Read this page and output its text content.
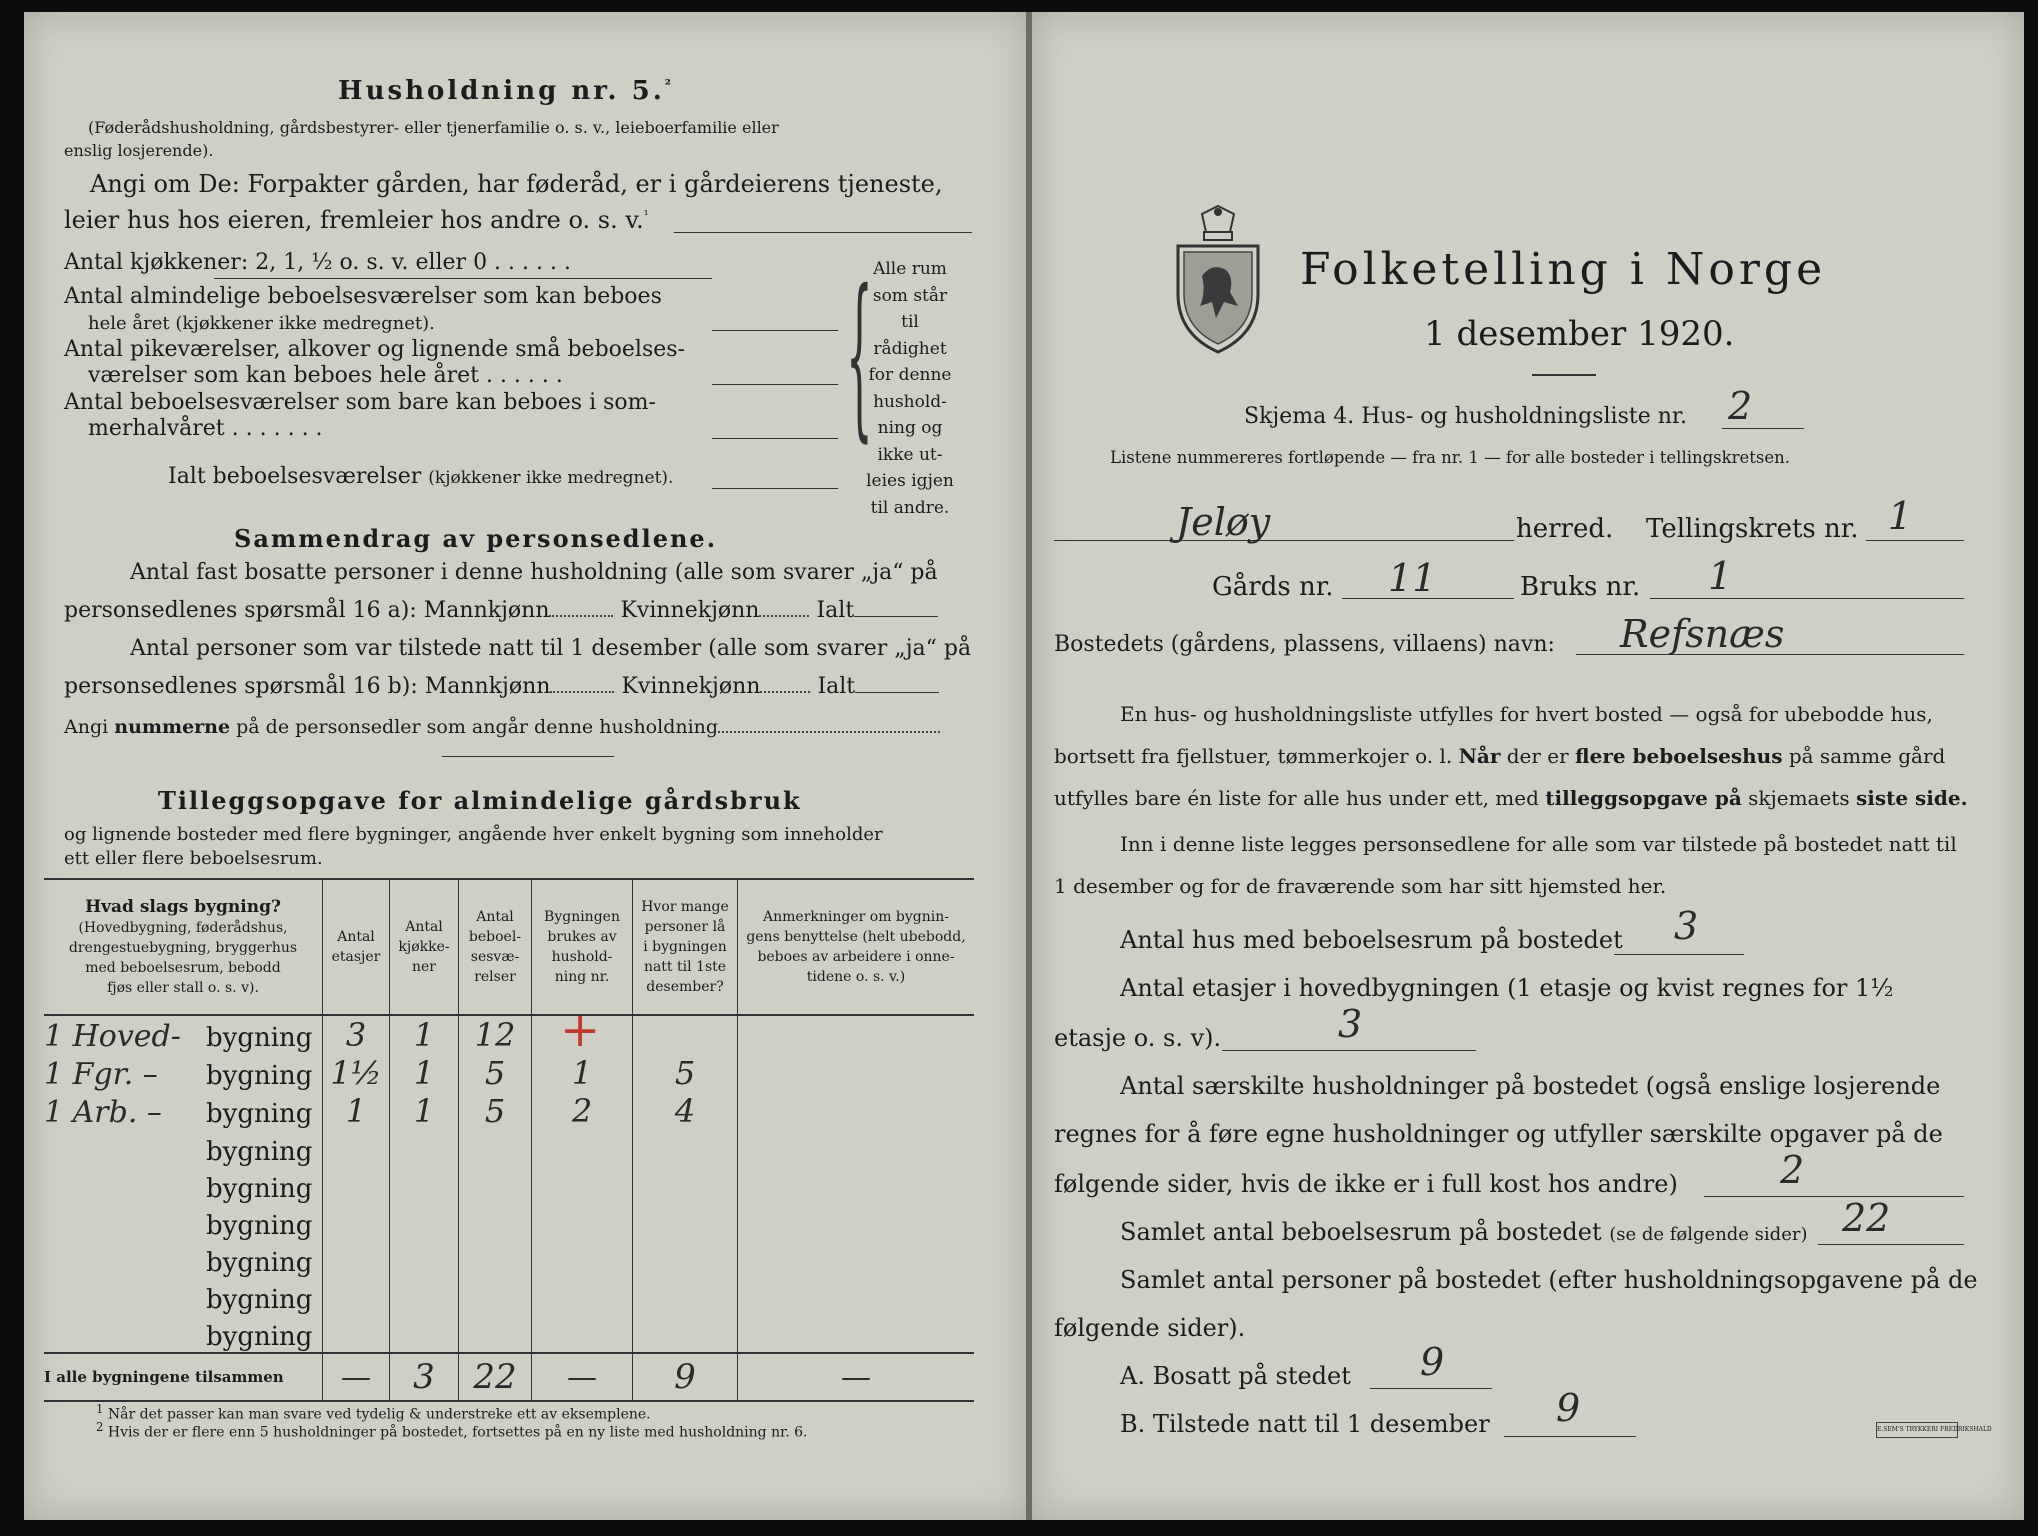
Husholdning nr. 5.$^{^2}$
(Føderådshusholdning, gårdsbestyrer- eller tjenerfamilie o. s. v., leieboerfamilie eller
enslig losjerende).
Angi om De: Forpakter gården, har føderåd, er i gårdeierens tjeneste,
leier hus hos eieren, fremleier hos andre o. s. v.$^{^1}$
Antal kjøkkener: 2, 1, ½ o. s. v. eller 0 . . . . . .
Antal almindelige beboelsesværelser som kan beboes
hele året (kjøkkener ikke medregnet).
Antal pikeværelser, alkover og lignende små beboelses-
værelser som kan beboes hele året . . . . . .
Antal beboelsesværelser som bare kan beboes i som-
merhalvåret . . . . . . .
Ialt beboelsesværelser (kjøkkener ikke medregnet).
{ Alle rum
som står til
rådighet
for denne
hushold-
ning og
ikke ut-
leies igjen
til andre.
Sammendrag av personsedlene.
Antal fast bosatte personer i denne husholdning (alle som svarer „ja“ på
personsedlenes spørsmål 16 a): Mannkjønn	Kvinnekjønn	Ialt
Antal personer som var tilstede natt til 1 desember (alle som svarer „ja“ på
personsedlenes spørsmål 16 b): Mannkjønn	Kvinnekjønn	Ialt
Angi nummerne på de personsedler som angår denne husholdning
Tilleggsopgave for almindelige gårdsbruk
og lignende bosteder med flere bygninger, angående hver enkelt bygning som inneholder
ett eller flere beboelsesrum.
Hvad slags bygning?
(Hovedbygning, føderådshus,
drengestuebygning, bryggerhus
med beboelsesrum, bebodd
fjøs eller stall o. s. v).	Antal
etasjer	Antal
kjøkke-
ner	Antal
beboel-
sesvæ-
relser	Bygningen
brukes av
hushold-
ning nr.	Hvor mange
personer lå
i bygningen
natt til 1ste
desember?	Anmerkninger om bygnin-
gens benyttelse (helt ubebodd,
beboes av arbeidere i onne-
tidene o. s. v.)
1 Hoved- bygning	3	1	12	+		

1 Fgr. – bygning	1½	1	5	1	5	
1 Arb. – bygning	1	1	5	2	4	
bygning						
bygning						
bygning						
bygning						
bygning						
bygning						
I alle bygningene tilsammen	—	3	22	—	9	—
$^1$ Når det passer kan man svare ved tydelig & understreke ett av eksemplene.
$^2$ Hvis der er flere enn 5 husholdninger på bostedet, fortsettes på en ny liste med husholdning nr. 6.
Folketelling i Norge
1 desember 1920.
Skjema 4. Hus- og husholdningsliste nr. 2
Listene nummereres fortløpende — fra nr. 1 — for alle bosteder i tellingskretsen.
Jeløy	herred. Tellingskrets nr. 1
Gårds nr. 11	Bruks nr. 1
Bostedets (gårdens, plassens, villaens) navn: Refsnæs
En hus- og husholdningsliste utfylles for hvert bosted — også for ubebodde hus,
bortsett fra fjellstuer, tømmerkojer o. l. Når der er flere beboelseshus på samme gård
utfylles bare én liste for alle hus under ett, med tilleggsopgave på skjemaets siste side.
Inn i denne liste legges personsedlene for alle som var tilstede på bostedet natt til
1 desember og for de fraværende som har sitt hjemsted her.
Antal hus med beboelsesrum på bostedet 3
Antal etasjer i hovedbygningen (1 etasje og kvist regnes for 1½
etasje o. s. v).	3
Antal særskilte husholdninger på bostedet (også enslige losjerende
regnes for å føre egne husholdninger og utfyller særskilte opgaver på de
følgende sider, hvis de ikke er i full kost hos andre)	2
Samlet antal beboelsesrum på bostedet (se de følgende sider) 22
Samlet antal personer på bostedet (efter husholdningsopgavene på de
følgende sider).
A. Bosatt på stedet 9
B. Tilstede natt til 1 desember 9	E.SEM'S TRYKKERI FREDRIKSHALD
